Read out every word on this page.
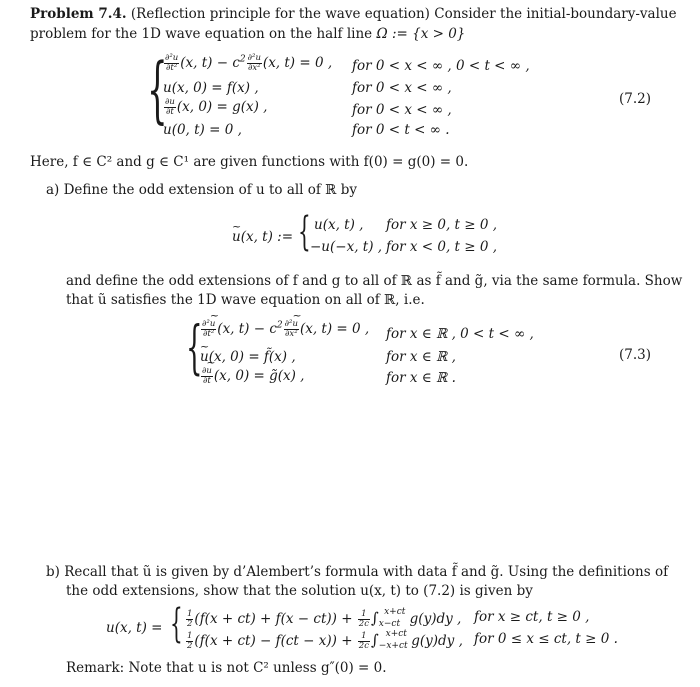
Problem 7.4. (Reflection principle for the wave equation) Consider the initial-boundary-value
problem for the 1D wave equation on the half line Ω := {x > 0}
{
$\frac{\text{∂²u}}{\text{∂t²}} (x$, $t) - c^2 \frac{\text{∂²u}}{\text{∂x²}} (x$, t) = 0 , for 0 < x < ∞ , 0 < t < ∞ ,
u(x, 0) = f(x) ,	for 0 < x < ∞ ,
$\frac{\partial u}{\partial t} (x$, 0) = g(x) ,	for 0 < x < ∞ ,
u(0, t) = 0 ,	for 0 < t < ∞ .
(7.2)
Here, f ∈ C² and g ∈ C¹ are given functions with f(0) = g(0) = 0.
a) Define the odd extension of u to all of ℝ by
~ u(x, t) := { u(x, t) , for x ≥ 0, t ≥ 0 ,
−u(−x, t) , for x < 0, t ≥ 0 ,
and define the odd extensions of f and g to all of ℝ as f̃ and g̃, via the same formula. Show
that ũ satisfies the 1D wave equation on all of ℝ, i.e.
{
$\frac{\text{∂²\textasciitilde{} u}}{\text{∂t²}} (x$, $t) - c^2 \frac{\text{∂²\textasciitilde{} u}}{\text{∂x²}} (x$, t) = 0 , for x ∈ ℝ , 0 < t < ∞ ,
~ u(x, 0) = f̃(x) ,	for x ∈ ℝ ,
$\frac{\partial\sim u}{\partial t} (x$, 0) = g̃(x) ,	for x ∈ ℝ .
(7.3)
b) Recall that ũ is given by d’Alembert’s formula with data f̃ and g̃. Using the definitions of
the odd extensions, show that the solution u(x, t) to (7.2) is given by
u(x, t) = { $\frac{1}{2} (f(x + ct) + f(x - ct)) + \frac{1}{2c} \int_{x-ct}^{x+ct}$ g(y)dy , for x ≥ ct, t ≥ 0 ,
$\frac{1}{2} (f(x + ct) - f(ct - x)) + \frac{1}{2c} \int_{-x+ct}^{x+ct}$ g(y)dy , for 0 ≤ x ≤ ct, t ≥ 0 .
Remark: Note that u is not C² unless g″(0) = 0.
